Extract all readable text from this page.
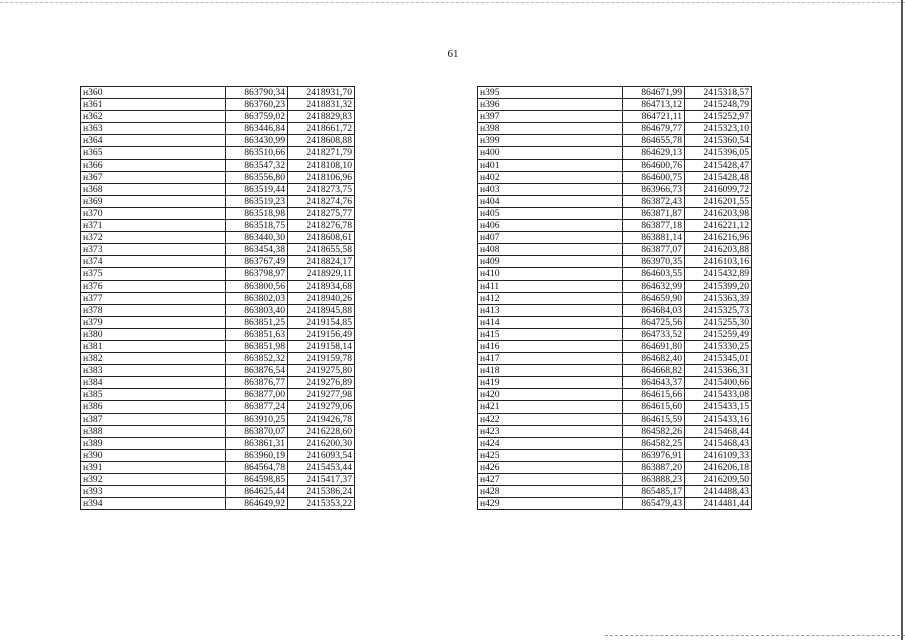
61
н360	863790,34	2418931,70
н361	863760,23	2418831,32
н362	863759,02	2418829,83
н363	863446,84	2418661,72
н364	863430,99	2418608,88
н365	863510,66	2418271,79
н366	863547,32	2418108,10
н367	863556,80	2418106,96
н368	863519,44	2418273,75
н369	863519,23	2418274,76
н370	863518,98	2418275,77
н371	863518,75	2418276,78
н372	863440,30	2418608,61
н373	863454,38	2418655,58
н374	863767,49	2418824,17
н375	863798,97	2418929,11
н376	863800,56	2418934,68
н377	863802,03	2418940,26
н378	863803,40	2418945,88
н379	863851,25	2419154,85
н380	863851,63	2419156,49
н381	863851,98	2419158,14
н382	863852,32	2419159,78
н383	863876,54	2419275,80
н384	863876,77	2419276,89
н385	863877,00	2419277,98
н386	863877,24	2419279,06
н387	863910,25	2419426,78
н388	863870,07	2416228,60
н389	863861,31	2416200,30
н390	863960,19	2416093,54
н391	864564,78	2415453,44
н392	864598,85	2415417,37
н393	864625,44	2415386,24
н394	864649,92	2415353,22
н395	864671,99	2415318,57
н396	864713,12	2415248,79
н397	864721,11	2415252,97
н398	864679,77	2415323,10
н399	864655,78	2415360,54
н400	864629,13	2415396,05
н401	864600,76	2415428,47
н402	864600,75	2415428,48
н403	863966,73	2416099,72
н404	863872,43	2416201,55
н405	863871,87	2416203,98
н406	863877,18	2416221,12
н407	863881,14	2416216,96
н408	863877,07	2416203,88
н409	863970,35	2416103,16
н410	864603,55	2415432,89
н411	864632,99	2415399,20
н412	864659,90	2415363,39
н413	864684,03	2415325,73
н414	864725,56	2415255,30
н415	864733,52	2415259,49
н416	864691,80	2415330,25
н417	864682,40	2415345,01
н418	864668,82	2415366,31
н419	864643,37	2415400,66
н420	864615,66	2415433,08
н421	864615,60	2415433,15
н422	864615,59	2415433,16
н423	864582,26	2415468,44
н424	864582,25	2415468,43
н425	863976,91	2416109,33
н426	863887,20	2416206,18
н427	863888,23	2416209,50
н428	865485,17	2414488,43
н429	865479,43	2414481,44
